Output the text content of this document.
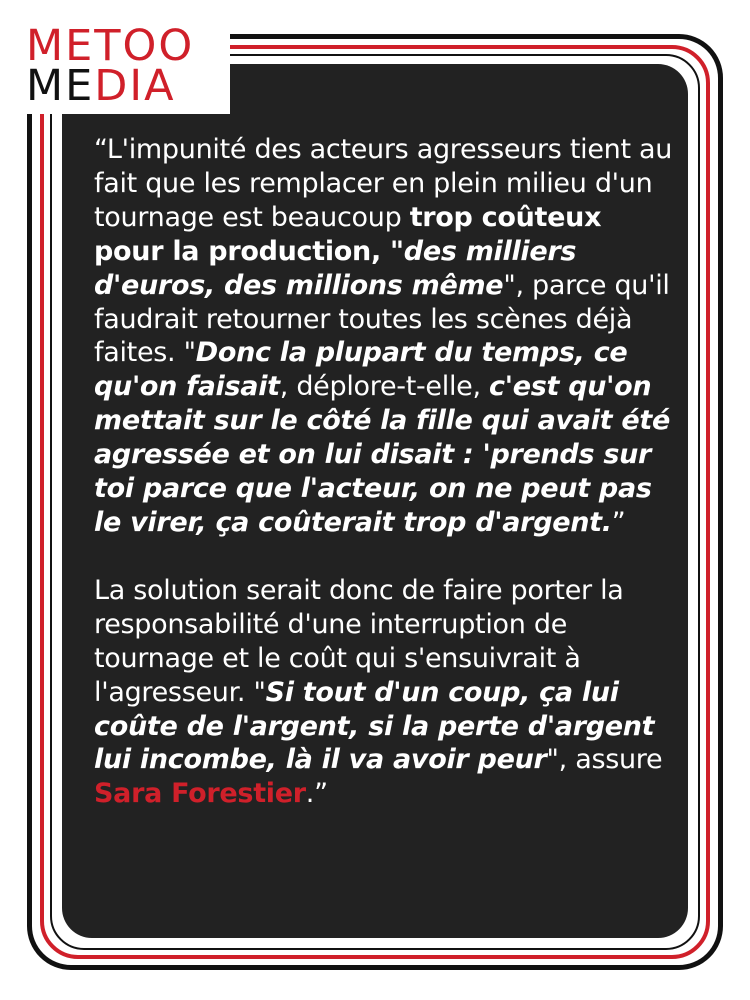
METOO
MEDIA

“L'impunité des acteurs agresseurs tient au fait que les remplacer en plein milieu d'un tournage est beaucoup trop coûteux pour la production, "des milliers d'euros, des millions même", parce qu'il faudrait retourner toutes les scènes déjà faites. "Donc la plupart du temps, ce qu'on faisait, déplore-t-elle, c'est qu'on mettait sur le côté la fille qui avait été agressée et on lui disait : 'prends sur toi parce que l'acteur, on ne peut pas le virer, ça coûterait trop d'argent.”

La solution serait donc de faire porter la responsabilité d'une interruption de tournage et le coût qui s'ensuivrait à l'agresseur. "Si tout d'un coup, ça lui coûte de l'argent, si la perte d'argent lui incombe, là il va avoir peur", assure Sara Forestier.”
